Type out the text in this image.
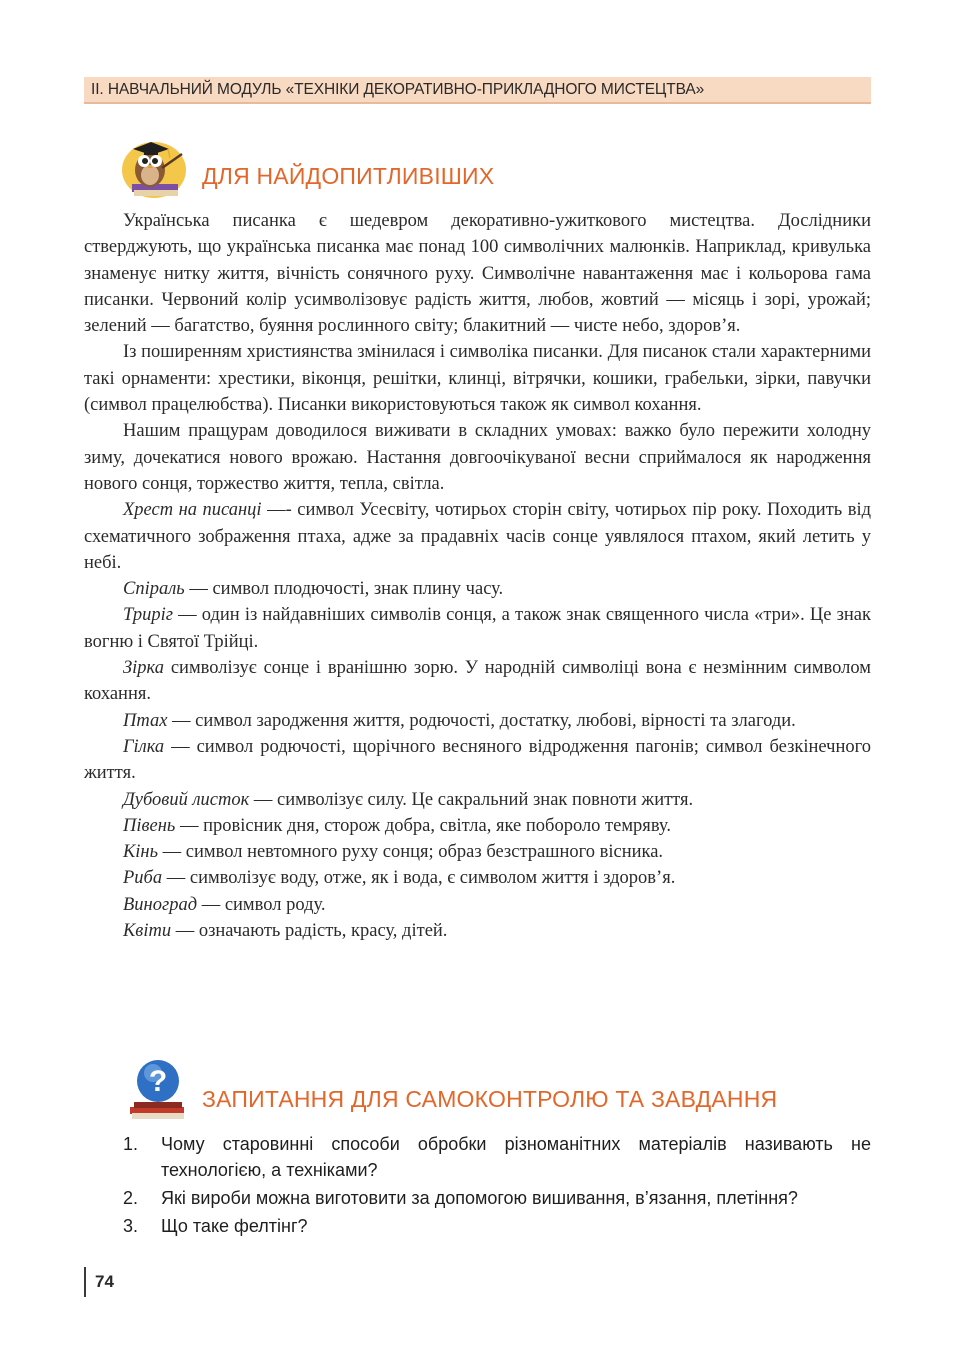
ІІ. НАВЧАЛЬНИЙ МОДУЛЬ «ТЕХНІКИ ДЕКОРАТИВНО-ПРИКЛАДНОГО МИСТЕЦТВА»
ДЛЯ НАЙДОПИТЛИВІШИХ

Українська писанка є шедевром декоративно-ужиткового мистецтва. Дослідники стверджують, що українська писанка має понад 100 символічних малюнків. Наприклад, кривулька знаменує нитку життя, вічність сонячного руху. Символічне навантаження має і кольорова гама писанки. Червоний колір усимволізовує радість життя, любов, жовтий — місяць і зорі, урожай; зелений — багатство, буяння рослинного світу; блакитний — чисте небо, здоров’я.

Із поширенням християнства змінилася і символіка писанки. Для писанок стали характерними такі орнаменти: хрестики, віконця, решітки, клинці, вітрячки, кошики, грабельки, зірки, павучки (символ працелюбства). Писанки використовуються також як символ кохання.

Нашим пращурам доводилося виживати в складних умовах: важко було пережити холодну зиму, дочекатися нового врожаю. Настання довгоочікуваної весни сприймалося як народження нового сонця, торжество життя, тепла, світла.

Хрест на писанці —- символ Усесвіту, чотирьох сторін світу, чотирьох пір року. Походить від схематичного зображення птаха, адже за прадавніх часів сонце уявлялося птахом, який летить у небі.

Спіраль — символ плодючості, знак плину часу.

Триріг — один із найдавніших символів сонця, а також знак священного числа «три». Це знак вогню і Святої Трійці.

Зірка символізує сонце і вранішню зорю. У народній символіці вона є незмінним символом кохання.

Птах — символ зародження життя, родючості, достатку, любові, вірності та злагоди.

Гілка — символ родючості, щорічного весняного відродження пагонів; символ безкінечного життя.

Дубовий листок — символізує силу. Це сакральний знак повноти життя.

Півень — провісник дня, сторож добра, світла, яке побороло темряву.

Кінь — символ невтомного руху сонця; образ безстрашного вісника.

Риба — символізує воду, отже, як і вода, є символом життя і здоров’я.

Виноград — символ роду.

Квіти — означають радість, красу, дітей.

?
ЗАПИТАННЯ ДЛЯ САМОКОНТРОЛЮ ТА ЗАВДАННЯ
1.	Чому старовинні способи обробки різноманітних матеріалів називають не технологією, а техніками?
2.	Які вироби можна виготовити за допомогою вишивання, в’язання, плетіння?
3.	Що таке фелтінг?
74
